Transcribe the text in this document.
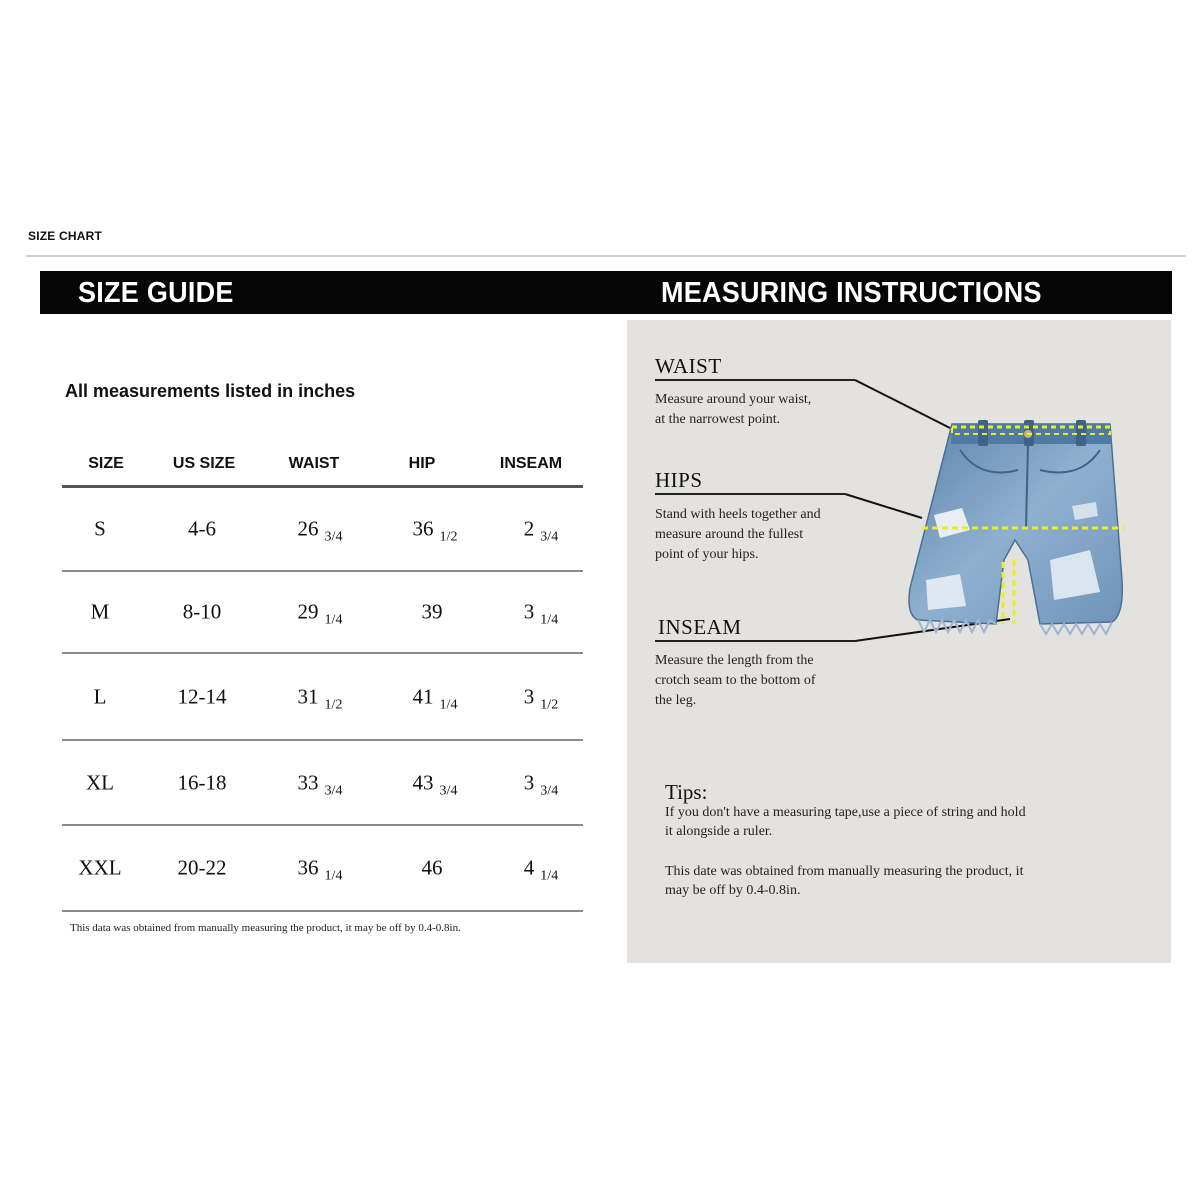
SIZE CHART
SIZE GUIDE	MEASURING INSTRUCTIONS
All measurements listed in inches
SIZE	US SIZE	WAIST	HIP	INSEAM
S	4-6	26 $_{3/4}$	36 $_{1/2}$	2 $_{3/4}$
M	8-10	29 $_{1/4}$	39	3 $_{1/4}$
L	12-14	31 $_{1/2}$	41 $_{1/4}$	3 $_{1/2}$
XL	16-18	33 $_{3/4}$	43 $_{3/4}$	3 $_{3/4}$
XXL	20-22	36 $_{1/4}$	46	4 $_{1/4}$
This data was obtained from manually measuring the product, it may be off by 0.4-0.8in.
WAIST
Measure around your waist,
at the narrowest point.
HIPS
Stand with heels together and
measure around the fullest
point of your hips.
INSEAM
Measure the length from the
crotch seam to the bottom of
the leg.
Tips:
If you don't have a measuring tape,use a piece of string and hold
it alongside a ruler.
This date was obtained from manually measuring the product, it
may be off by 0.4-0.8in.
